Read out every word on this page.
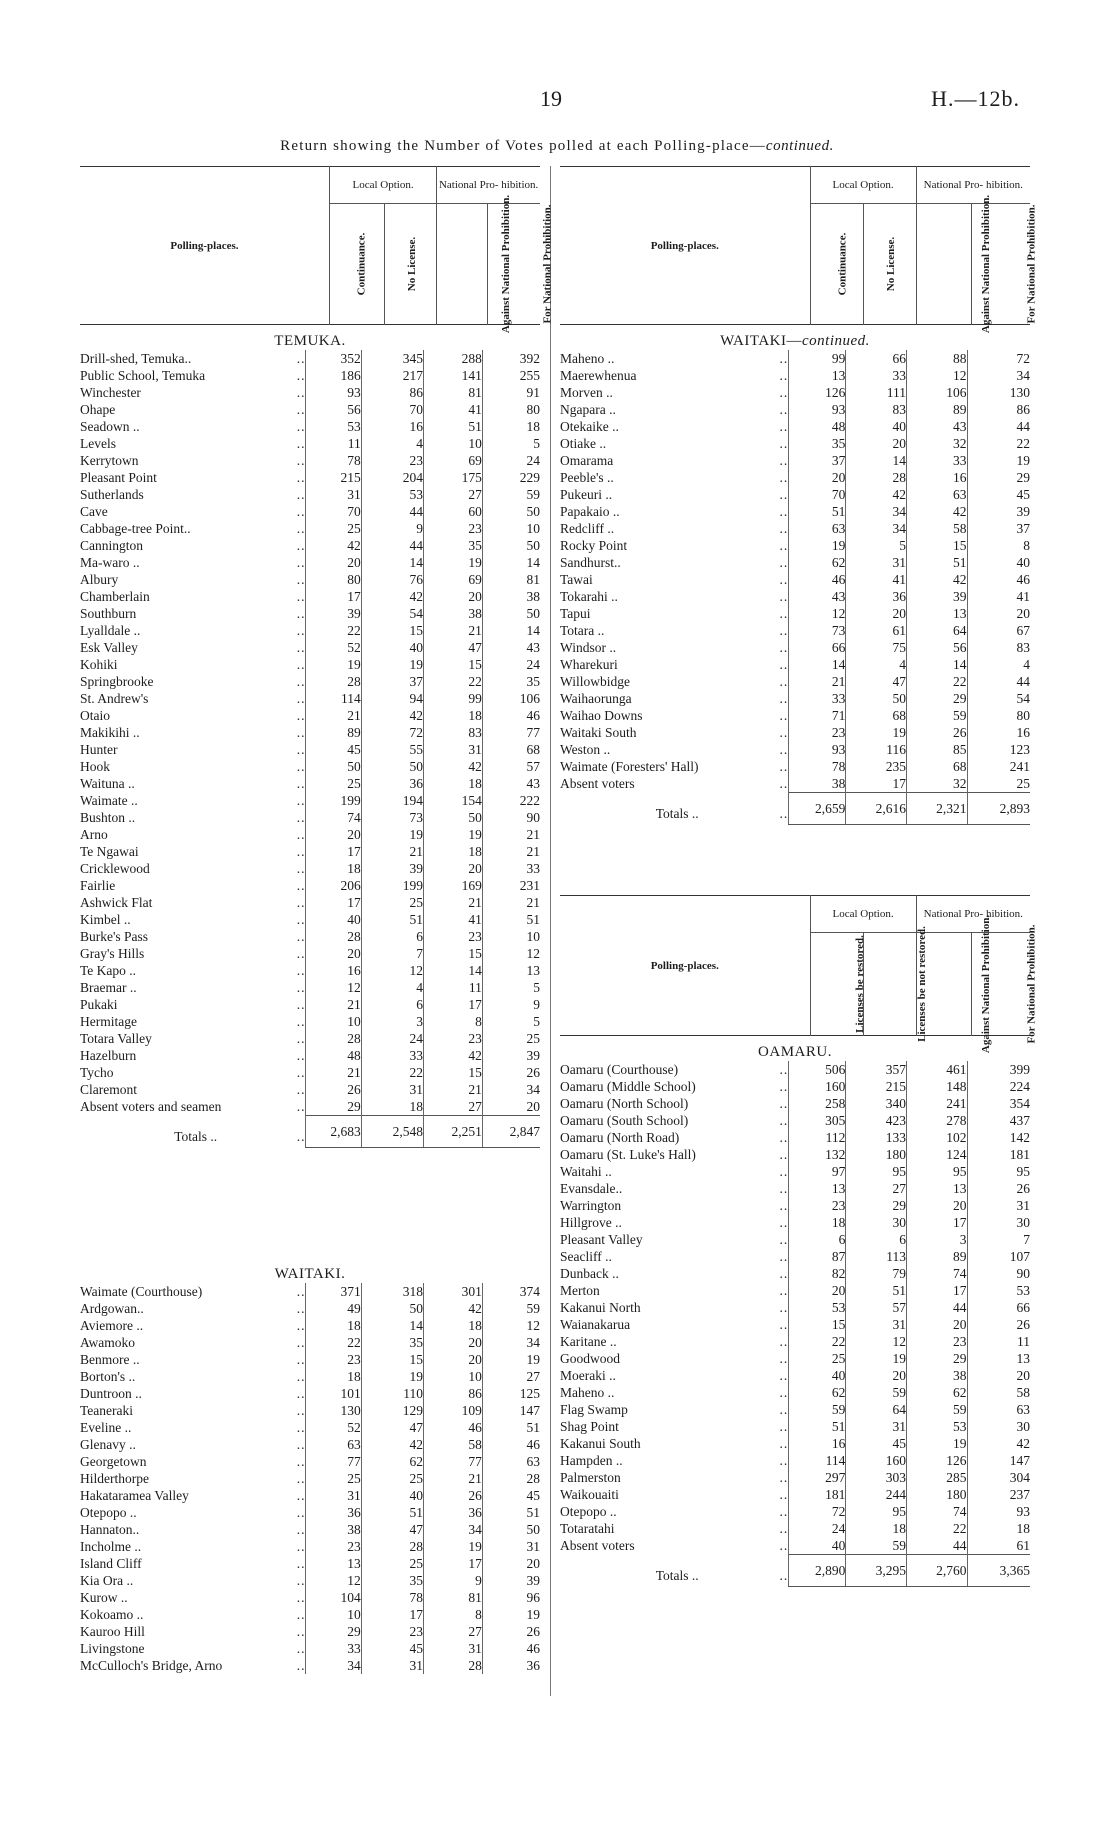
19	H.—12b.
Return showing the Number of Votes polled at each Polling-place—continued.
Polling-places.	Local Option.		National Pro- hibition.	
	Continuance.	No License.	Against National Prohibition.	For National Prohibition.
TEMUKA.
Drill-shed, Temuka..	..	352	345	288	392
Public School, Temuka	..	186	217	141	255
Winchester	..	93	86	81	91
Ohape	..	56	70	41	80
Seadown ..	..	53	16	51	18
Levels	..	11	4	10	5
Kerrytown	..	78	23	69	24
Pleasant Point	..	215	204	175	229
Sutherlands	..	31	53	27	59
Cave	..	70	44	60	50
Cabbage-tree Point..	..	25	9	23	10
Cannington	..	42	44	35	50
Ma-waro ..	..	20	14	19	14
Albury	..	80	76	69	81
Chamberlain	..	17	42	20	38
Southburn	..	39	54	38	50
Lyalldale ..	..	22	15	21	14
Esk Valley	..	52	40	47	43
Kohiki	..	19	19	15	24
Springbrooke	..	28	37	22	35
St. Andrew's	..	114	94	99	106
Otaio	..	21	42	18	46
Makikihi ..	..	89	72	83	77
Hunter	..	45	55	31	68
Hook	..	50	50	42	57
Waituna ..	..	25	36	18	43
Waimate ..	..	199	194	154	222
Bushton ..	..	74	73	50	90
Arno	..	20	19	19	21
Te Ngawai	..	17	21	18	21
Cricklewood	..	18	39	20	33
Fairlie	..	206	199	169	231
Ashwick Flat	..	17	25	21	21
Kimbel ..	..	40	51	41	51
Burke's Pass	..	28	6	23	10
Gray's Hills	..	20	7	15	12
Te Kapo ..	..	16	12	14	13
Braemar ..	..	12	4	11	5
Pukaki	..	21	6	17	9
Hermitage	..	10	3	8	5
Totara Valley	..	28	24	23	25
Hazelburn	..	48	33	42	39
Tycho	..	21	22	15	26
Claremont	..	26	31	21	34
Absent voters and seamen	..	29	18	27	20
Totals ..	..	2,683	2,548	2,251	2,847
WAITAKI.
Waimate (Courthouse)	..	371	318	301	374
Ardgowan..	..	49	50	42	59
Aviemore ..	..	18	14	18	12
Awamoko	..	22	35	20	34
Benmore ..	..	23	15	20	19
Borton's ..	..	18	19	10	27
Duntroon ..	..	101	110	86	125
Teaneraki	..	130	129	109	147
Eveline ..	..	52	47	46	51
Glenavy ..	..	63	42	58	46
Georgetown	..	77	62	77	63
Hilderthorpe	..	25	25	21	28
Hakataramea Valley	..	31	40	26	45
Otepopo ..	..	36	51	36	51
Hannaton..	..	38	47	34	50
Incholme ..	..	23	28	19	31
Island Cliff	..	13	25	17	20
Kia Ora ..	..	12	35	9	39
Kurow ..	..	104	78	81	96
Kokoamo ..	..	10	17	8	19
Kauroo Hill	..	29	23	27	26
Livingstone	..	33	45	31	46
McCulloch's Bridge, Arno	..	34	31	28	36
Polling-places.	Local Option.		National Pro- hibition.	
	Continuance.	No License.	Against National Prohibition.	For National Prohibition.
WAITAKI—continued.
Maheno ..	..	99	66	88	72
Maerewhenua	..	13	33	12	34
Morven ..	..	126	111	106	130
Ngapara ..	..	93	83	89	86
Otekaike ..	..	48	40	43	44
Otiake ..	..	35	20	32	22
Omarama	..	37	14	33	19
Peeble's ..	..	20	28	16	29
Pukeuri ..	..	70	42	63	45
Papakaio ..	..	51	34	42	39
Redcliff ..	..	63	34	58	37
Rocky Point	..	19	5	15	8
Sandhurst..	..	62	31	51	40
Tawai	..	46	41	42	46
Tokarahi ..	..	43	36	39	41
Tapui	..	12	20	13	20
Totara ..	..	73	61	64	67
Windsor ..	..	66	75	56	83
Wharekuri	..	14	4	14	4
Willowbidge	..	21	47	22	44
Waihaorunga	..	33	50	29	54
Waihao Downs	..	71	68	59	80
Waitaki South	..	23	19	26	16
Weston ..	..	93	116	85	123
Waimate (Foresters' Hall)	..	78	235	68	241
Absent voters	..	38	17	32	25
Totals ..	..	2,659	2,616	2,321	2,893
Polling-places.	Local Option.		National Pro- hibition.	
	Licenses be restored.	Licenses be not restored.	Against National Prohibition.	For National Prohibition.
OAMARU.
Oamaru (Courthouse)	..	506	357	461	399
Oamaru (Middle School)	..	160	215	148	224
Oamaru (North School)	..	258	340	241	354
Oamaru (South School)	..	305	423	278	437
Oamaru (North Road)	..	112	133	102	142
Oamaru (St. Luke's Hall)	..	132	180	124	181
Waitahi ..	..	97	95	95	95
Evansdale..	..	13	27	13	26
Warrington	..	23	29	20	31
Hillgrove ..	..	18	30	17	30
Pleasant Valley	..	6	6	3	7
Seacliff ..	..	87	113	89	107
Dunback ..	..	82	79	74	90
Merton	..	20	51	17	53
Kakanui North	..	53	57	44	66
Waianakarua	..	15	31	20	26
Karitane ..	..	22	12	23	11
Goodwood	..	25	19	29	13
Moeraki ..	..	40	20	38	20
Maheno ..	..	62	59	62	58
Flag Swamp	..	59	64	59	63
Shag Point	..	51	31	53	30
Kakanui South	..	16	45	19	42
Hampden ..	..	114	160	126	147
Palmerston	..	297	303	285	304
Waikouaiti	..	181	244	180	237
Otepopo ..	..	72	95	74	93
Totaratahi	..	24	18	22	18
Absent voters	..	40	59	44	61
Totals ..	..	2,890	3,295	2,760	3,365
